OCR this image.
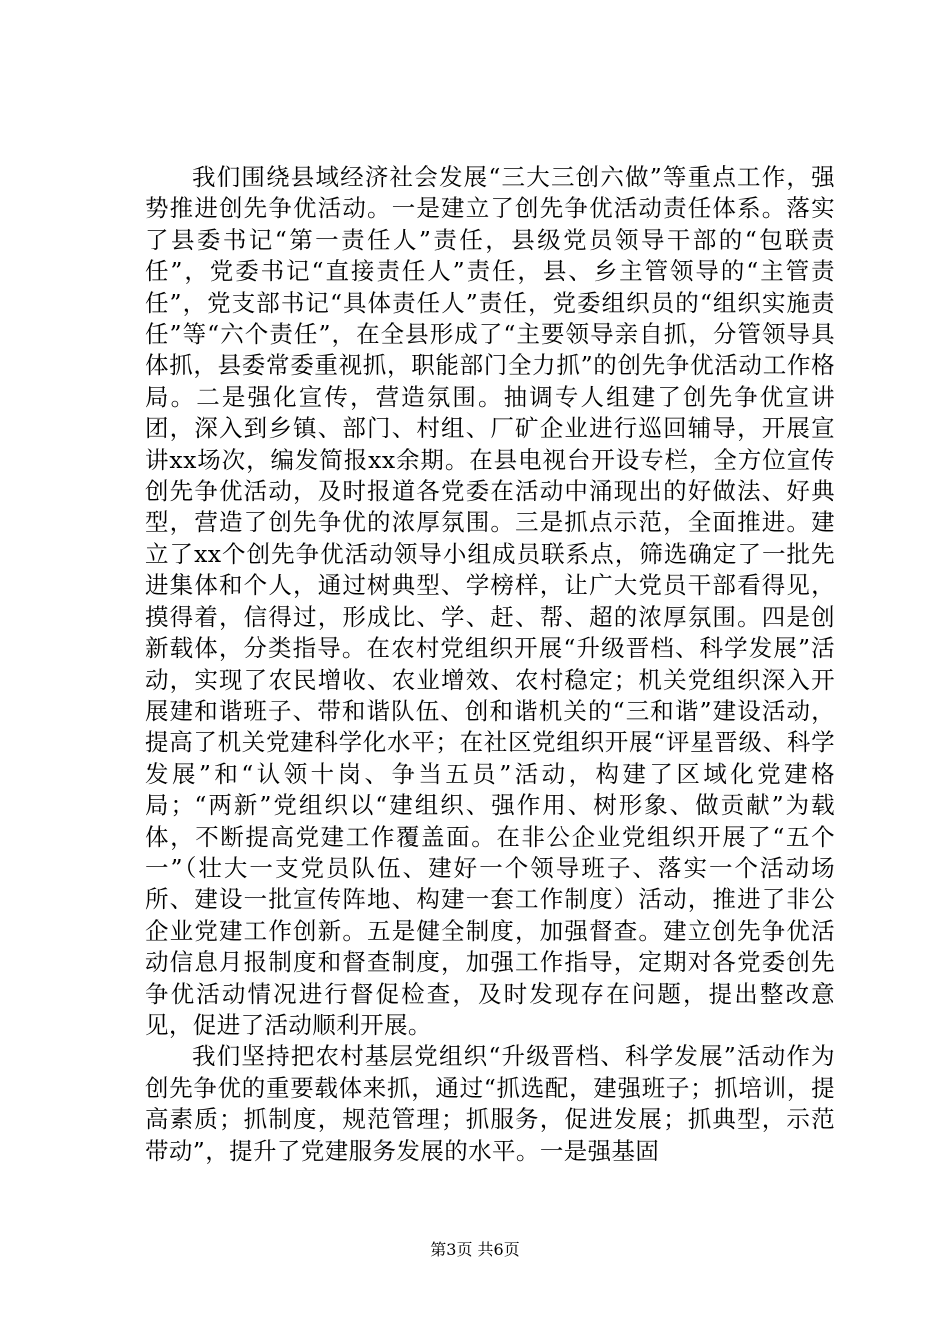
我们围绕县域经济社会发展“三大三创六做”等重点工作，强势推进创先争优活动。一是建立了创先争优活动责任体系。落实了县委书记“第一责任人”责任，县级党员领导干部的“包联责任”，党委书记“直接责任人”责任，县、乡主管领导的“主管责任”，党支部书记“具体责任人”责任，党委组织员的“组织实施责任”等“六个责任”，在全县形成了“主要领导亲自抓，分管领导具体抓，县委常委重视抓，职能部门全力抓”的创先争优活动工作格局。二是强化宣传，营造氛围。抽调专人组建了创先争优宣讲团，深入到乡镇、部门、村组、厂矿企业进行巡回辅导，开展宣讲xx场次，编发简报xx余期。在县电视台开设专栏，全方位宣传创先争优活动，及时报道各党委在活动中涌现出的好做法、好典型，营造了创先争优的浓厚氛围。三是抓点示范，全面推进。建立了xx个创先争优活动领导小组成员联系点，筛选确定了一批先进集体和个人，通过树典型、学榜样，让广大党员干部看得见，摸得着，信得过，形成比、学、赶、帮、超的浓厚氛围。四是创新载体，分类指导。在农村党组织开展“升级晋档、科学发展”活动，实现了农民增收、农业增效、农村稳定；机关党组织深入开展建和谐班子、带和谐队伍、创和谐机关的“三和谐”建设活动，提高了机关党建科学化水平；在社区党组织开展“评星晋级、科学发展”和“认领十岗、争当五员”活动，构建了区域化党建格局；“两新”党组织以“建组织、强作用、树形象、做贡献”为载体，不断提高党建工作覆盖面。在非公企业党组织开展了“五个一”（壮大一支党员队伍、建好一个领导班子、落实一个活动场所、建设一批宣传阵地、构建一套工作制度）活动，推进了非公企业党建工作创新。五是健全制度，加强督查。建立创先争优活动信息月报制度和督查制度，加强工作指导，定期对各党委创先争优活动情况进行督促检查，及时发现存在问题，提出整改意见，促进了活动顺利开展。

我们坚持把农村基层党组织“升级晋档、科学发展”活动作为创先争优的重要载体来抓，通过“抓选配，建强班子；抓培训，提高素质；抓制度，规范管理；抓服务，促进发展；抓典型，示范带动”，提升了党建服务发展的水平。一是强基固

第3页 共6页
